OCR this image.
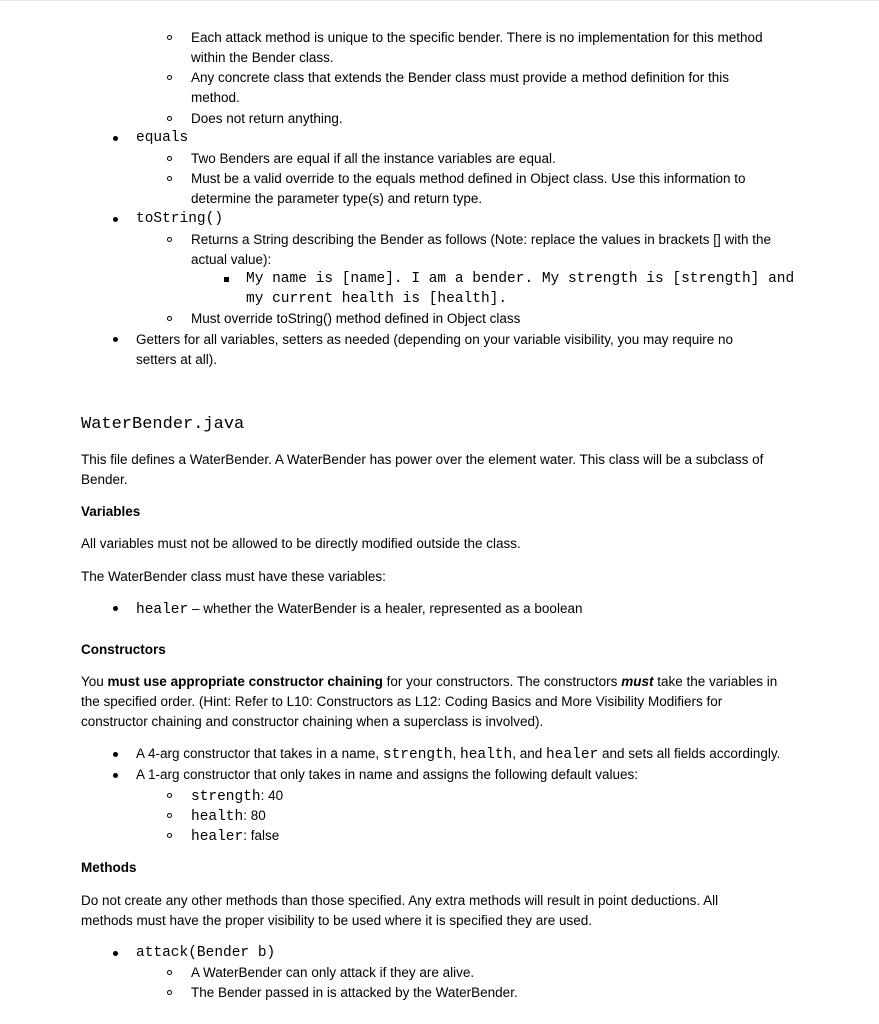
Each attack method is unique to the specific bender. There is no implementation for this method
within the Bender class.
Any concrete class that extends the Bender class must provide a method definition for this
method.
Does not return anything.
equals
Two Benders are equal if all the instance variables are equal.
Must be a valid override to the equals method defined in Object class. Use this information to
determine the parameter type(s) and return type.
toString()
Returns a String describing the Bender as follows (Note: replace the values in brackets [] with the
actual value):
My name is [name]. I am a bender. My strength is [strength] and
my current health is [health].
Must override toString() method defined in Object class
Getters for all variables, setters as needed (depending on your variable visibility, you may require no
setters at all).
WaterBender.java
This file defines a WaterBender. A WaterBender has power over the element water. This class will be a subclass of
Bender.
Variables
All variables must not be allowed to be directly modified outside the class.
The WaterBender class must have these variables:
healer – whether the WaterBender is a healer, represented as a boolean
Constructors
You must use appropriate constructor chaining for your constructors. The constructors must take the variables in
the specified order. (Hint: Refer to L10: Constructors as L12: Coding Basics and More Visibility Modifiers for
constructor chaining and constructor chaining when a superclass is involved).
A 4-arg constructor that takes in a name, strength, health, and healer and sets all fields accordingly.
A 1-arg constructor that only takes in name and assigns the following default values:
strength: 40
health: 80
healer: false
Methods
Do not create any other methods than those specified. Any extra methods will result in point deductions. All
methods must have the proper visibility to be used where it is specified they are used.
attack(Bender b)
A WaterBender can only attack if they are alive.
The Bender passed in is attacked by the WaterBender.
